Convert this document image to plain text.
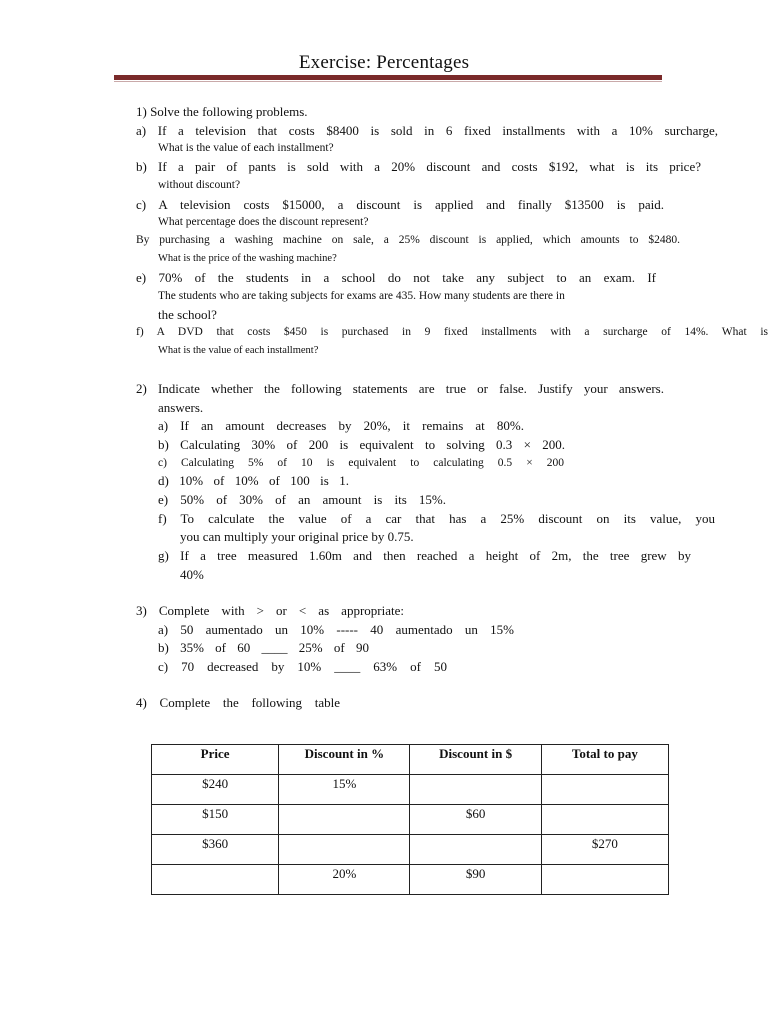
Exercise: Percentages
1) Solve the following problems.
a) If a television that costs $8400 is sold in 6 fixed installments with a 10% surcharge,
What is the value of each installment?
b) If a pair of pants is sold with a 20% discount and costs $192, what is its price?
without discount?
c) A television costs $15000, a discount is applied and finally $13500 is paid.
What percentage does the discount represent?
By purchasing a washing machine on sale, a 25% discount is applied, which amounts to $2480.
What is the price of the washing machine?
e) 70% of the students in a school do not take any subject to an exam. If
The students who are taking subjects for exams are 435. How many students are there in
the school?
f) A DVD that costs $450 is purchased in 9 fixed installments with a surcharge of 14%. What is
What is the value of each installment?
2) Indicate whether the following statements are true or false. Justify your answers.
answers.
a) If an amount decreases by 20%, it remains at 80%.
b) Calculating 30% of 200 is equivalent to solving 0.3 × 200.
c) Calculating 5% of 10 is equivalent to calculating 0.5 × 200
d) 10% of 10% of 100 is 1.
e) 50% of 30% of an amount is its 15%.
f) To calculate the value of a car that has a 25% discount on its value, you
you can multiply your original price by 0.75.
g) If a tree measured 1.60m and then reached a height of 2m, the tree grew by
40%
3) Complete with > or < as appropriate:
a) 50 aumentado un 10% ----- 40 aumentado un 15%
b) 35% of 60 ____ 25% of 90
c) 70 decreased by 10% ____ 63% of 50
4) Complete the following table
Price	Discount in %	Discount in $	Total to pay
$240	15%		
$150		$60	
$360			$270
	20%	$90	
